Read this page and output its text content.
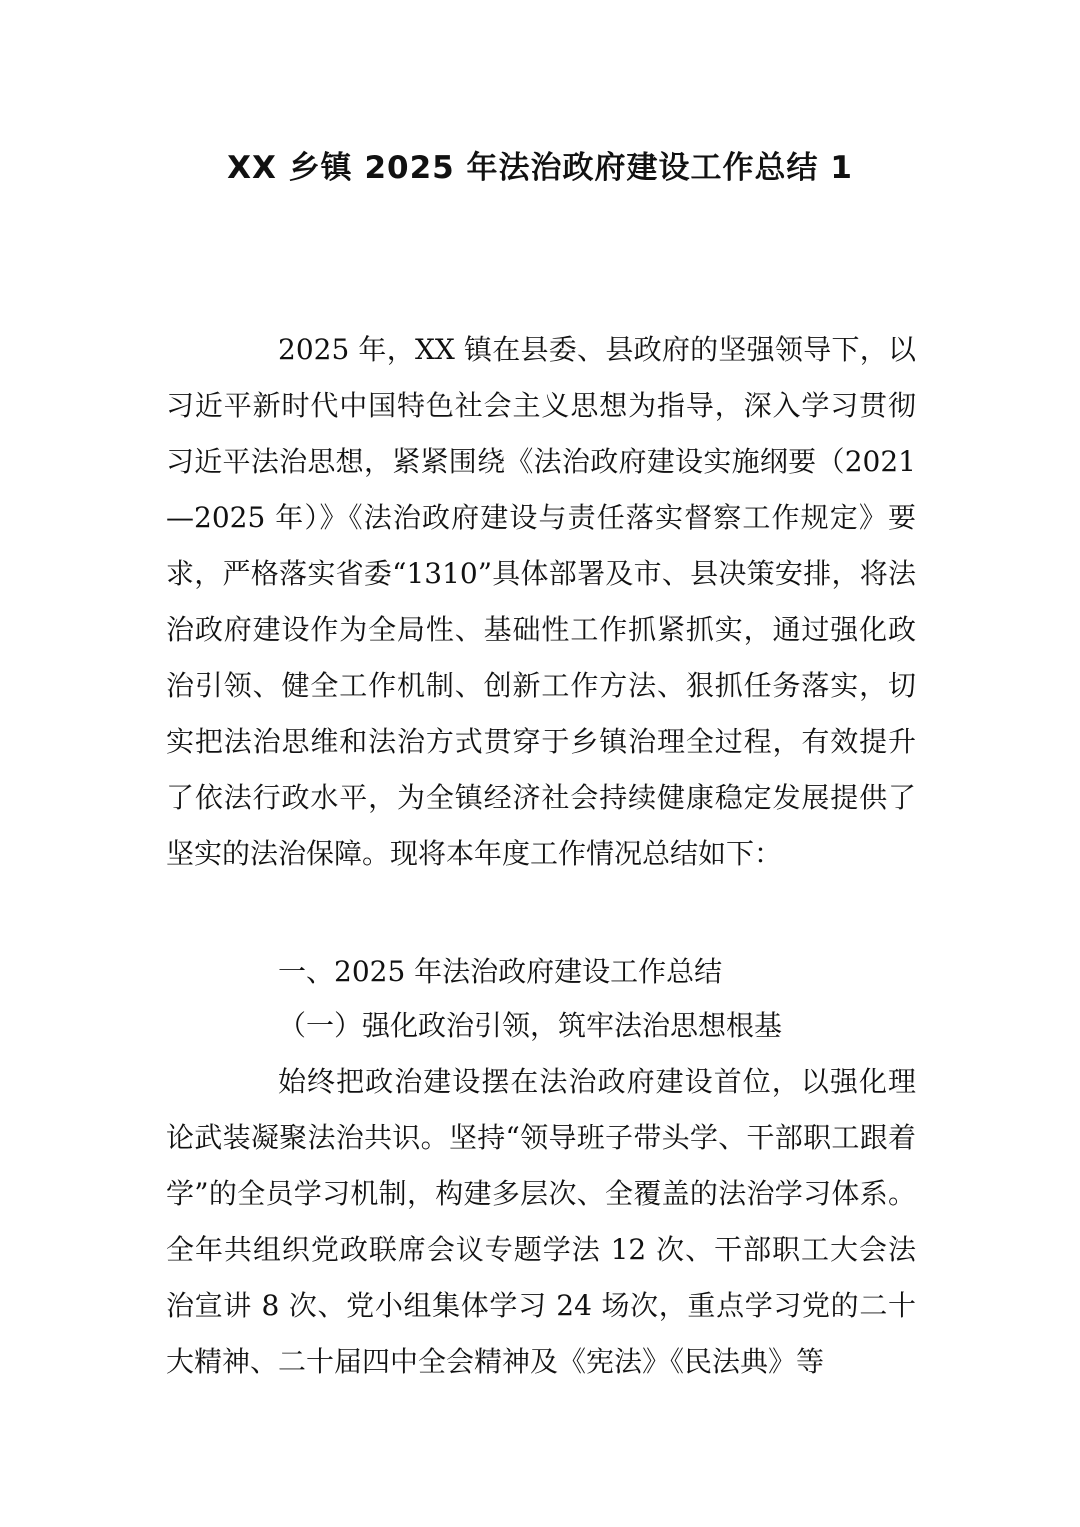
XX 乡镇 2025 年法治政府建设工作总结 1

2025 年，XX 镇在县委、县政府的坚强领导下，以习近平新时代中国特色社会主义思想为指导，深入学习贯彻习近平法治思想，紧紧围绕《法治政府建设实施纲要（2021—2025 年）》《法治政府建设与责任落实督察工作规定》要求，严格落实省委“1310”具体部署及市、县决策安排，将法治政府建设作为全局性、基础性工作抓紧抓实，通过强化政治引领、健全工作机制、创新工作方法、狠抓任务落实，切实把法治思维和法治方式贯穿于乡镇治理全过程，有效提升了依法行政水平，为全镇经济社会持续健康稳定发展提供了坚实的法治保障。现将本年度工作情况总结如下：

一、2025 年法治政府建设工作总结

（一）强化政治引领，筑牢法治思想根基

始终把政治建设摆在法治政府建设首位，以强化理论武装凝聚法治共识。坚持“领导班子带头学、干部职工跟着学”的全员学习机制，构建多层次、全覆盖的法治学习体系。全年共组织党政联席会议专题学法 12 次、干部职工大会法治宣讲 8 次、党小组集体学习 24 场次，重点学习党的二十大精神、二十届四中全会精神及《宪法》《民法典》等
